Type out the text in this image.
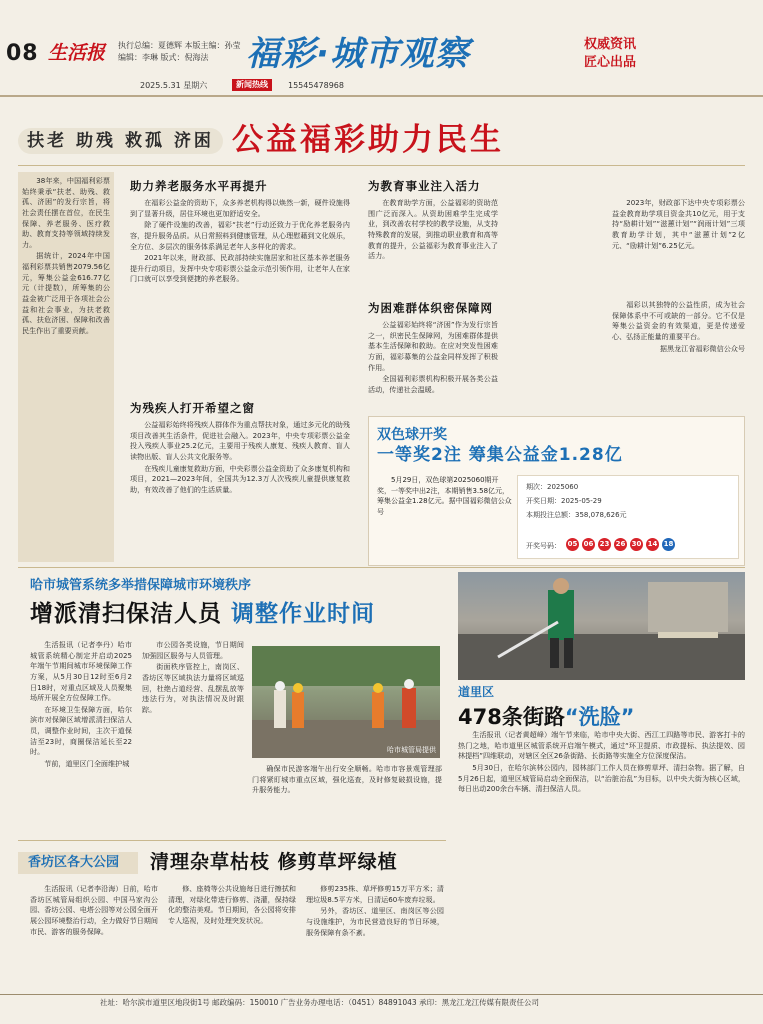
08 生活报 执行总编：夏德辉 本版主编：孙莹
编辑：李琳 版式：倪海法	福彩·城市观察	权威资讯
匠心出品
2025.5.31 星期六	新闻热线	15545478968
扶老 助残 救孤 济困 公益福彩助力民生

38年来，中国福利彩票始终秉承“扶老、助残、救孤、济困”的发行宗旨，将社会责任摆在首位，在民生保障、养老服务、医疗救助、教育支持等领域持续发力。

据统计，2024年中国福利彩票共销售2079.56亿元，筹集公益金616.77亿元（计提数），所筹集的公益金被广泛用于各项社会公益和社会事业，为扶老救孤、扶危济困、保障和改善民生作出了重要贡献。

助力养老服务水平再提升

在福彩公益金的资助下，众多养老机构得以焕然一新，硬件设施得到了显著升级，居住环境也更加舒适安全。

除了硬件设施的改善，福彩“扶老”行动还致力于优化养老服务内容，提升服务品质。从日常照料到健康管理，从心理慰藉到文化娱乐，全方位、多层次的服务体系满足老年人多样化的需求。

2021年以来，财政部、民政部持续实施居家和社区基本养老服务提升行动项目，发挥中央专项彩票公益金示范引领作用，让老年人在家门口就可以享受到便捷的养老服务。

为残疾人打开希望之窗

公益福彩始终将残疾人群体作为重点帮扶对象，通过多元化的助残项目改善其生活条件，促进社会融入。2023年，中央专项彩票公益金投入残疾人事业25.2亿元，主要用于残疾人康复、残疾人教育、盲人读物出版、盲人公共文化服务等。

在残疾儿童康复救助方面，中央彩票公益金资助了众多康复机构和项目，2021—2023年间，全国共为12.3万人次残疾儿童提供康复救助，有效改善了他们的生活质量。

为教育事业注入活力

在教育助学方面，公益福彩的资助范围广泛而深入。从资助困难学生完成学业，到改善农村学校的教学设施，从支持特殊教育的发展，到推动职业教育和高等教育的提升，公益福彩为教育事业注入了活力。

2023年，财政部下达中央专项彩票公益金教育助学项目资金共10亿元，用于支持“励耕计划”“滋蕙计划”“润雨计划”三项教育助学计划，其中“滋蕙计划”2亿元、“励耕计划”6.25亿元。

为困难群体织密保障网

公益福彩始终将“济困”作为发行宗旨之一，织密民生保障网，为困难群体提供基本生活保障和救助。在应对突发性困难方面，福彩募集的公益金同样发挥了积极作用。

全国福利彩票机构积极开展各类公益活动，传递社会温暖。

福彩以其独特的公益性质，成为社会保障体系中不可或缺的一部分。它不仅是筹集公益资金的有效渠道，更是传递爱心、弘扬正能量的重要平台。

据黑龙江省福彩微信公众号

双色球开奖
一等奖2注 筹集公益金1.28亿
5月29日，双色球第2025060期开奖，一等奖中出2注，本期销售3.58亿元，筹集公益金1.28亿元。据中国福彩微信公众号
期次：2025060
开奖日期：2025-05-29
本期投注总额：358,078,626元
开奖号码： 05 06 23 26 30 14 18
哈市城管系统多举措保障城市环境秩序
增派清扫保洁人员 调整作业时间

生活报讯（记者李丹）哈市城管系统精心制定并启动2025年端午节期间城市环境保障工作方案，从5月30日12时至6月2日18时，对重点区域及人员聚集场所开展全方位保障工作。

在环境卫生保障方面，哈尔滨市对保障区域增派清扫保洁人员，调整作业时间，主次干道保洁至23时，商圈保洁延长至22时。

节前，道里区门全面维护城

市公园各类设施，节日期间加强园区服务与人员管理。

街面秩序管控上，南岗区、香坊区等区域执法力量将区域巡回，杜绝占道经营、乱摆乱放等违法行为，对执法情况及时跟踪。

哈市城管局提供

确保市民游客端午出行安全顺畅。哈市市容景观管理部门将紧盯城市重点区域，强化巡查，及时修复破损设施，提升服务能力。

道里区
478条街路“洗脸”

生活报讯（记者黄超峰）端午节来临，哈市中央大街、西江工四路等市民、游客打卡的热门之地，哈市道里区城管系统开启端午模式，通过“环卫提质、市政提标、执法提效、园林提档”四维联动，对辖区全区26条街路、长街路等实施全方位深度保洁。

5月30日，在哈尔滨林公园内，园林部门工作人员在修剪草坪、清扫杂物。据了解，自5月26日起，道里区城管局启动全面保洁，以“治脏治乱”为目标，以中央大街为核心区域，每日出动200余台车辆、清扫保洁人员。

香坊区各大公园	清理杂草枯枝 修剪草坪绿植

生活报讯（记者李沿海）日前，哈市香坊区城管局组织公园、中国马家沟公园、香坊公园、电塔公园等对公园全面开展公园环境整治行动，全力做好节日期间市民、游客的服务保障。

修、座椅等公共设施每日进行擦拭和清理，对绿化带进行修剪、浇灌，保持绿化的整洁美观。节日期间，各公园将安排专人巡视，及时处理突发状况。

修剪235株、草坪修剪15万平方米；清理垃圾8.5平方米，日清运60车废弃垃圾。

另外，香坊区、道里区、南岗区等公园与设施维护，为市民营造良好的节日环境，服务保障有条不紊。

社址：哈尔滨市道里区地段街1号 邮政编码：150010 广告业务办理电话：（0451）84891043 承印：黑龙江龙江传媒有限责任公司
